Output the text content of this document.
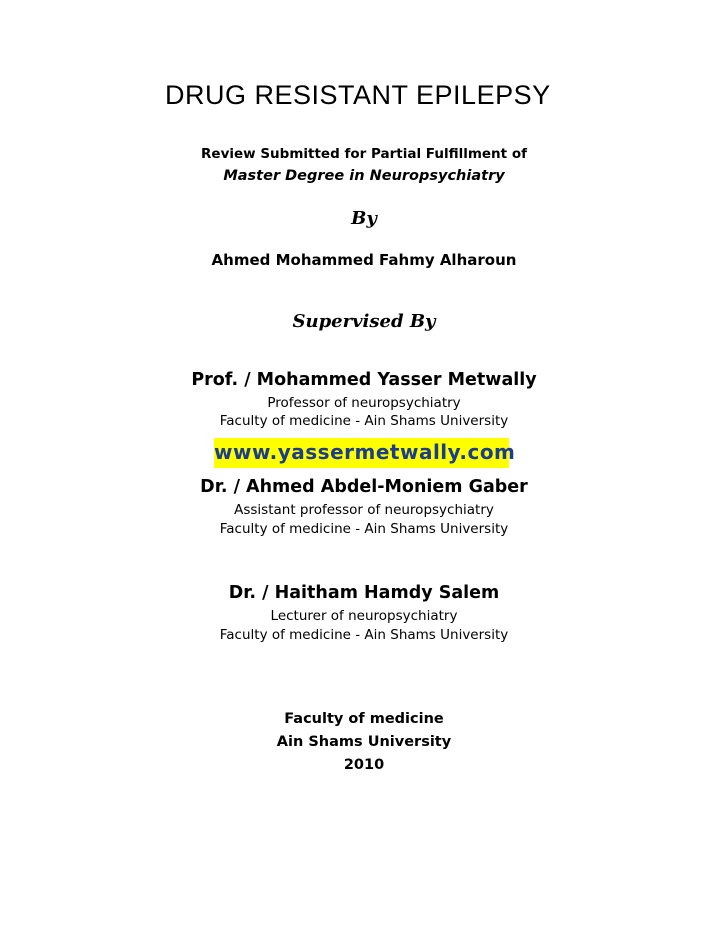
DRUG RESISTANT EPILEPSY
Review Submitted for Partial Fulfillment of
Master Degree in Neuropsychiatry
By
Ahmed Mohammed Fahmy Alharoun
Supervised By
Prof. / Mohammed Yasser Metwally
Professor of neuropsychiatry
Faculty of medicine - Ain Shams University
www.yassermetwally.com
Dr. / Ahmed Abdel-Moniem Gaber
Assistant professor of neuropsychiatry
Faculty of medicine - Ain Shams University
Dr. / Haitham Hamdy Salem
Lecturer of neuropsychiatry
Faculty of medicine - Ain Shams University
Faculty of medicine
Ain Shams University
2010
